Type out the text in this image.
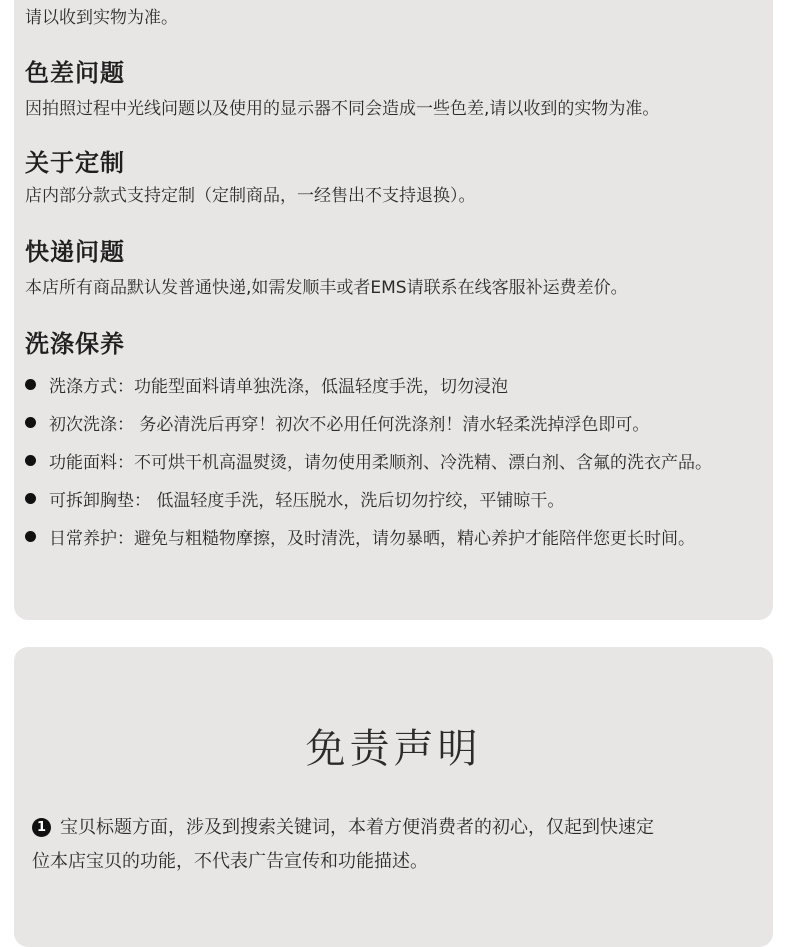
请以收到实物为准。
色差问题
因拍照过程中光线问题以及使用的显示器不同会造成一些色差,请以收到的实物为准。
关于定制
店内部分款式支持定制（定制商品，一经售出不支持退换）。
快递问题
本店所有商品默认发普通快递,如需发顺丰或者EMS请联系在线客服补运费差价。
洗涤保养
洗涤方式：功能型面料请单独洗涤，低温轻度手洗，切勿浸泡
初次洗涤： 务必清洗后再穿！初次不必用任何洗涤剂！清水轻柔洗掉浮色即可。
功能面料：不可烘干机高温熨烫，请勿使用柔顺剂、冷洗精、漂白剂、含氟的洗衣产品。
可拆卸胸垫： 低温轻度手洗，轻压脱水，洗后切勿拧绞，平铺晾干。
日常养护：避免与粗糙物摩擦，及时清洗，请勿暴晒，精心养护才能陪伴您更长时间。
免责声明
1 宝贝标题方面，涉及到搜索关键词，本着方便消费者的初心，仅起到快速定
位本店宝贝的功能，不代表广告宣传和功能描述。
